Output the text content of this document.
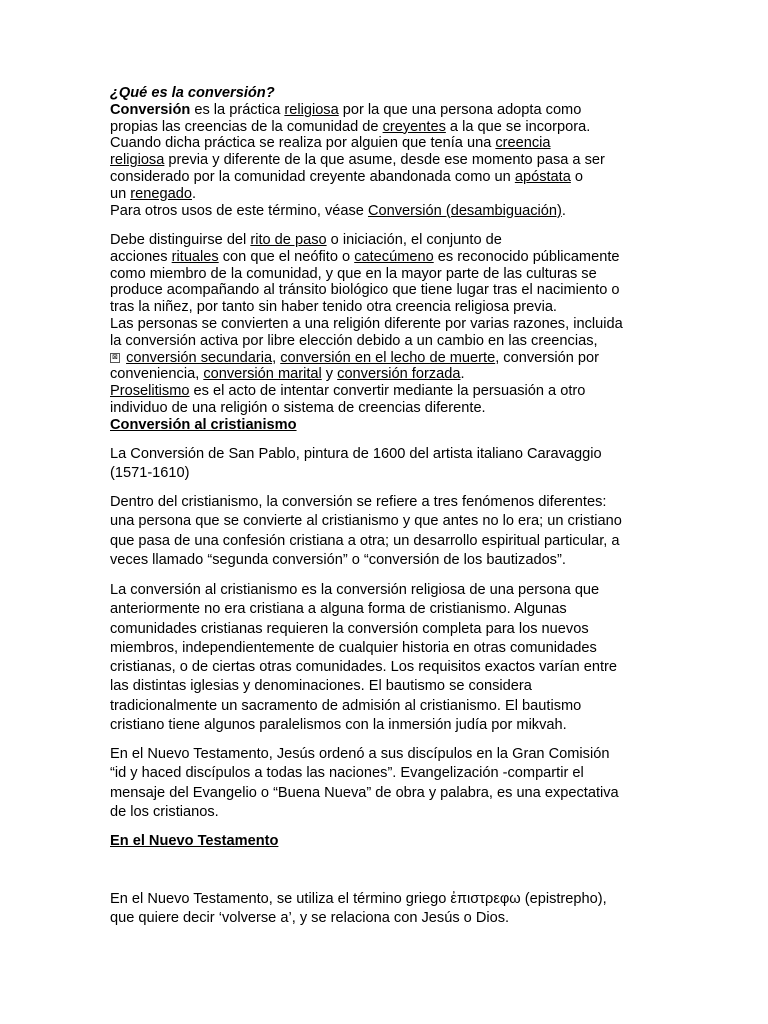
¿Qué es la conversión?
Conversión es la práctica religiosa por la que una persona adopta como
propias las creencias de la comunidad de creyentes a la que se incorpora.
Cuando dicha práctica se realiza por alguien que tenía una creencia
religiosa previa y diferente de la que asume, desde ese momento pasa a ser
considerado por la comunidad creyente abandonada como un apóstata o
un renegado.
Para otros usos de este término, véase Conversión (desambiguación).
Debe distinguirse del rito de paso o iniciación, el conjunto de
acciones rituales con que el neófito o catecúmeno es reconocido públicamente
como miembro de la comunidad, y que en la mayor parte de las culturas se
produce acompañando al tránsito biológico que tiene lugar tras el nacimiento o
tras la niñez, por tanto sin haber tenido otra creencia religiosa previa.
Las personas se convierten a una religión diferente por varias razones, incluida
la conversión activa por libre elección debido a un cambio en las creencias,
⊠ conversión secundaria, conversión en el lecho de muerte, conversión por
conveniencia, conversión marital y conversión forzada.
Proselitismo es el acto de intentar convertir mediante la persuasión a otro
individuo de una religión o sistema de creencias diferente.
Conversión al cristianismo
La Conversión de San Pablo, pintura de 1600 del artista italiano Caravaggio
(1571-1610)
Dentro del cristianismo, la conversión se refiere a tres fenómenos diferentes:
una persona que se convierte al cristianismo y que antes no lo era; un cristiano
que pasa de una confesión cristiana a otra; un desarrollo espiritual particular, a
veces llamado “segunda conversión” o “conversión de los bautizados”.
La conversión al cristianismo es la conversión religiosa de una persona que
anteriormente no era cristiana a alguna forma de cristianismo. Algunas
comunidades cristianas requieren la conversión completa para los nuevos
miembros, independientemente de cualquier historia en otras comunidades
cristianas, o de ciertas otras comunidades. Los requisitos exactos varían entre
las distintas iglesias y denominaciones. El bautismo se considera
tradicionalmente un sacramento de admisión al cristianismo. El bautismo
cristiano tiene algunos paralelismos con la inmersión judía por mikvah.
En el Nuevo Testamento, Jesús ordenó a sus discípulos en la Gran Comisión
“id y haced discípulos a todas las naciones”. Evangelización -compartir el
mensaje del Evangelio o “Buena Nueva” de obra y palabra, es una expectativa
de los cristianos.
En el Nuevo Testamento
En el Nuevo Testamento, se utiliza el término griego ἐπιστρεφω (epistrepho),
que quiere decir ‘volverse a’, y se relaciona con Jesús o Dios.
